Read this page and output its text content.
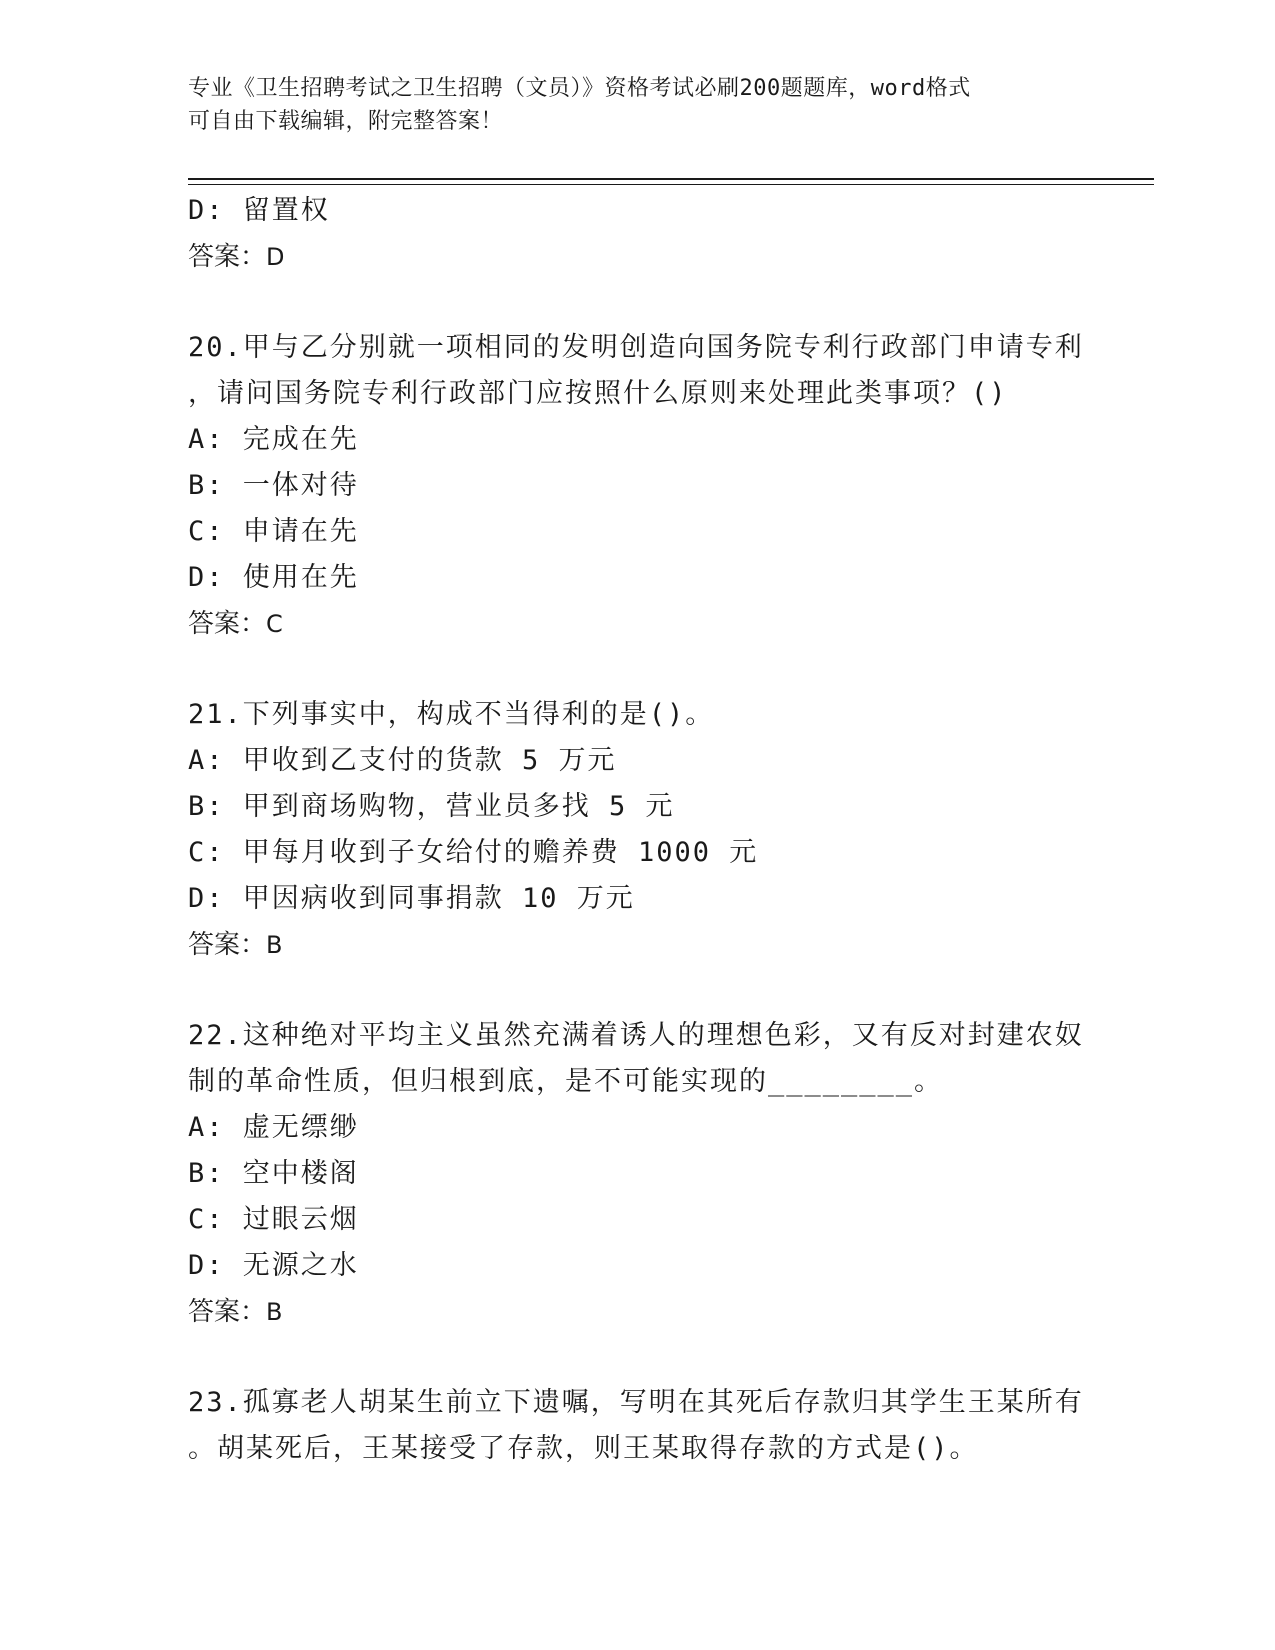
专业《卫生招聘考试之卫生招聘（文员）》资格考试必刷200题题库，word格式

可自由下载编辑，附完整答案！

D: 留置权
答案：D
20.甲与乙分别就一项相同的发明创造向国务院专利行政部门申请专利
，请问国务院专利行政部门应按照什么原则来处理此类事项？()
A: 完成在先
B: 一体对待
C: 申请在先
D: 使用在先
答案：C
21.下列事实中，构成不当得利的是()。
A: 甲收到乙支付的货款 5 万元
B: 甲到商场购物，营业员多找 5 元
C: 甲每月收到子女给付的赡养费 1000 元
D: 甲因病收到同事捐款 10 万元
答案：B
22.这种绝对平均主义虽然充满着诱人的理想色彩，又有反对封建农奴
制的革命性质，但归根到底，是不可能实现的________。
A: 虚无缥缈
B: 空中楼阁
C: 过眼云烟
D: 无源之水
答案：B
23.孤寡老人胡某生前立下遗嘱，写明在其死后存款归其学生王某所有
。胡某死后，王某接受了存款，则王某取得存款的方式是()。
